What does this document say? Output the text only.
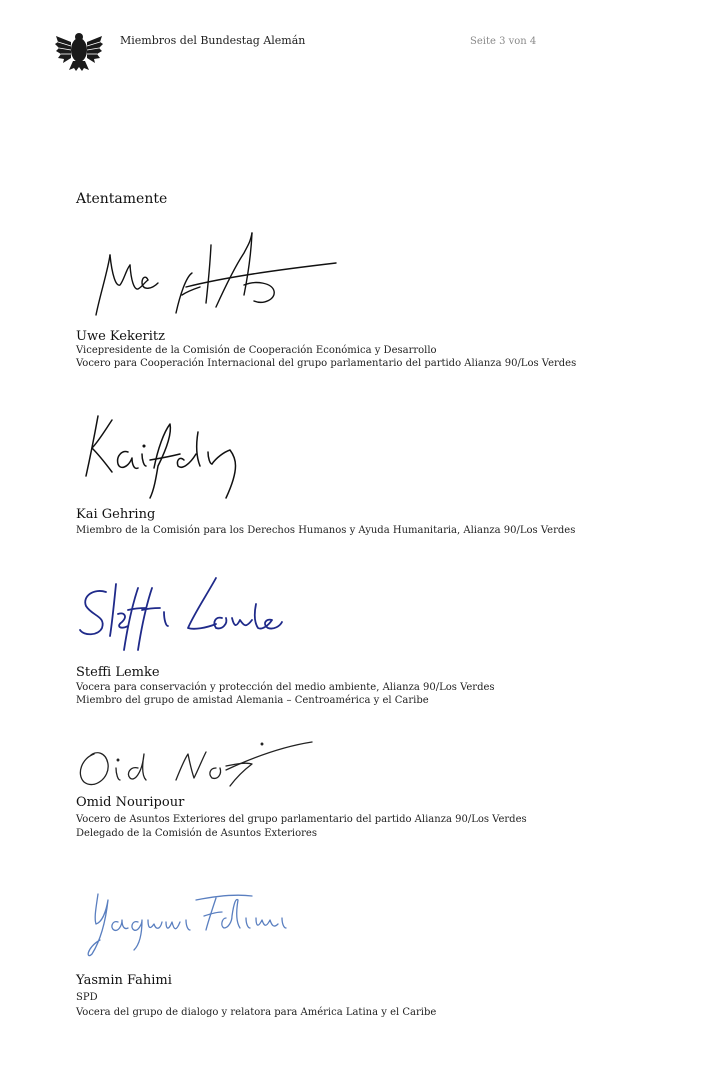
Miembros del Bundestag Alemán	Seite 3 von 4
Atentamente
Uwe Kekeritz
Vicepresidente de la Comisión de Cooperación Económica y Desarrollo
Vocero para Cooperación Internacional del grupo parlamentario del partido Alianza 90/Los Verdes
Kai Gehring
Miembro de la Comisión para los Derechos Humanos y Ayuda Humanitaria, Alianza 90/Los Verdes
Steffi Lemke
Vocera para conservación y protección del medio ambiente, Alianza 90/Los Verdes
Miembro del grupo de amistad Alemania – Centroamérica y el Caribe
Omid Nouripour
Vocero de Asuntos Exteriores del grupo parlamentario del partido Alianza 90/Los Verdes
Delegado de la Comisión de Asuntos Exteriores
Yasmin Fahimi
SPD
Vocera del grupo de dialogo y relatora para América Latina y el Caribe
